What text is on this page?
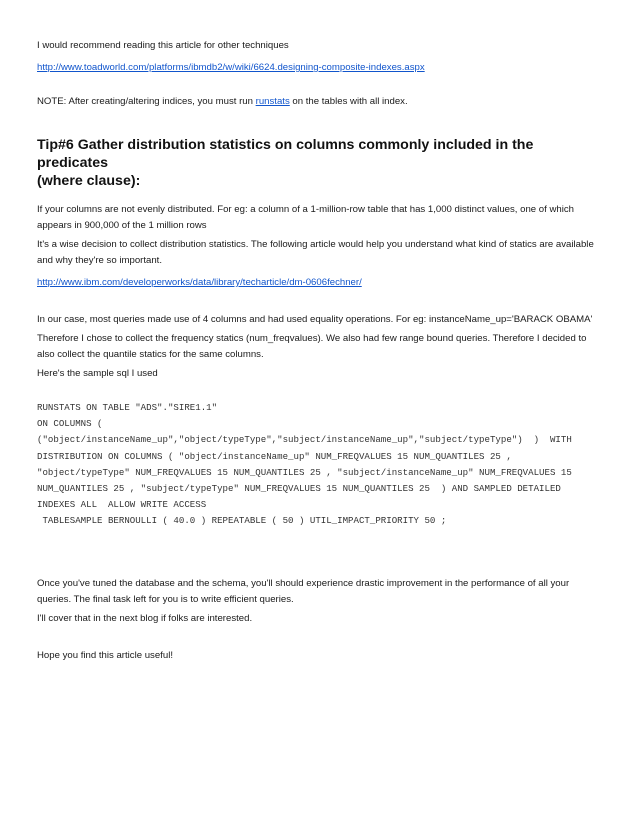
I would recommend reading this article for other techniques

http://www.toadworld.com/platforms/ibmdb2/w/wiki/6624.designing-composite-indexes.aspx

NOTE: After creating/altering indices, you must run runstats on the tables with all index.

Tip#6 Gather distribution statistics on columns commonly included in the predicates
(where clause):

If your columns are not evenly distributed. For eg: a column of a 1-million-row table that has 1,000 distinct values, one of which appears in 900,000 of the 1 million rows

It's a wise decision to collect distribution statistics. The following article would help you understand what kind of statics are available and why they're so important.

http://www.ibm.com/developerworks/data/library/techarticle/dm-0606fechner/

In our case, most queries made use of 4 columns and had used equality operations. For eg: instanceName_up='BARACK OBAMA'

Therefore I chose to collect the frequency statics (num_freqvalues). We also had few range bound queries. Therefore I decided to also collect the quantile statics for the same columns.

Here's the sample sql I used

RUNSTATS ON TABLE "ADS"."SIRE1.1"
ON COLUMNS (
("object/instanceName_up","object/typeType","subject/instanceName_up","subject/typeType")  )  WITH
DISTRIBUTION ON COLUMNS ( "object/instanceName_up" NUM_FREQVALUES 15 NUM_QUANTILES 25 ,
"object/typeType" NUM_FREQVALUES 15 NUM_QUANTILES 25 , "subject/instanceName_up" NUM_FREQVALUES 15
NUM_QUANTILES 25 , "subject/typeType" NUM_FREQVALUES 15 NUM_QUANTILES 25  ) AND SAMPLED DETAILED
INDEXES ALL  ALLOW WRITE ACCESS
TABLESAMPLE BERNOULLI ( 40.0 ) REPEATABLE ( 50 ) UTIL_IMPACT_PRIORITY 50 ;

Once you've tuned the database and the schema, you'll should experience drastic improvement in the performance of all your queries. The final task left for you is to write efficient queries.

I'll cover that in the next blog if folks are interested.

Hope you find this article useful!
